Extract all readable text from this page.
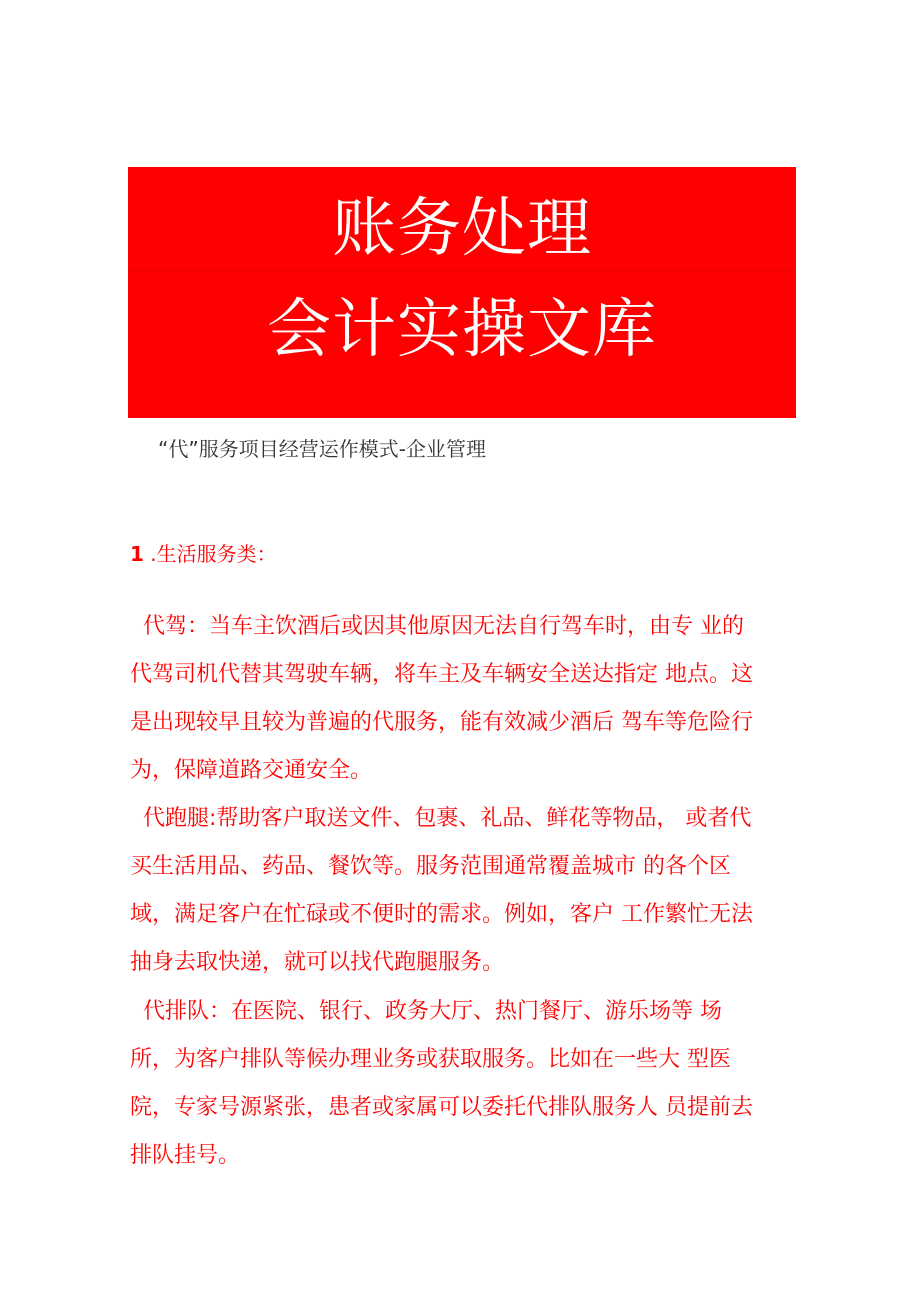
账务处理
会计实操文库
“代”服务项目经营运作模式-企业管理
1 .生活服务类：
代驾：当车主饮酒后或因其他原因无法自行驾车时，由专 业的
代驾司机代替其驾驶车辆，将车主及车辆安全送达指定 地点。这
是出现较早且较为普遍的代服务，能有效减少酒后 驾车等危险行
为，保障道路交通安全。
代跑腿:帮助客户取送文件、包裹、礼品、鲜花等物品， 或者代
买生活用品、药品、餐饮等。服务范围通常覆盖城市 的各个区
域，满足客户在忙碌或不便时的需求。例如，客户 工作繁忙无法
抽身去取快递，就可以找代跑腿服务。
代排队：在医院、银行、政务大厅、热门餐厅、游乐场等 场
所，为客户排队等候办理业务或获取服务。比如在一些大 型医
院，专家号源紧张，患者或家属可以委托代排队服务人 员提前去
排队挂号。
